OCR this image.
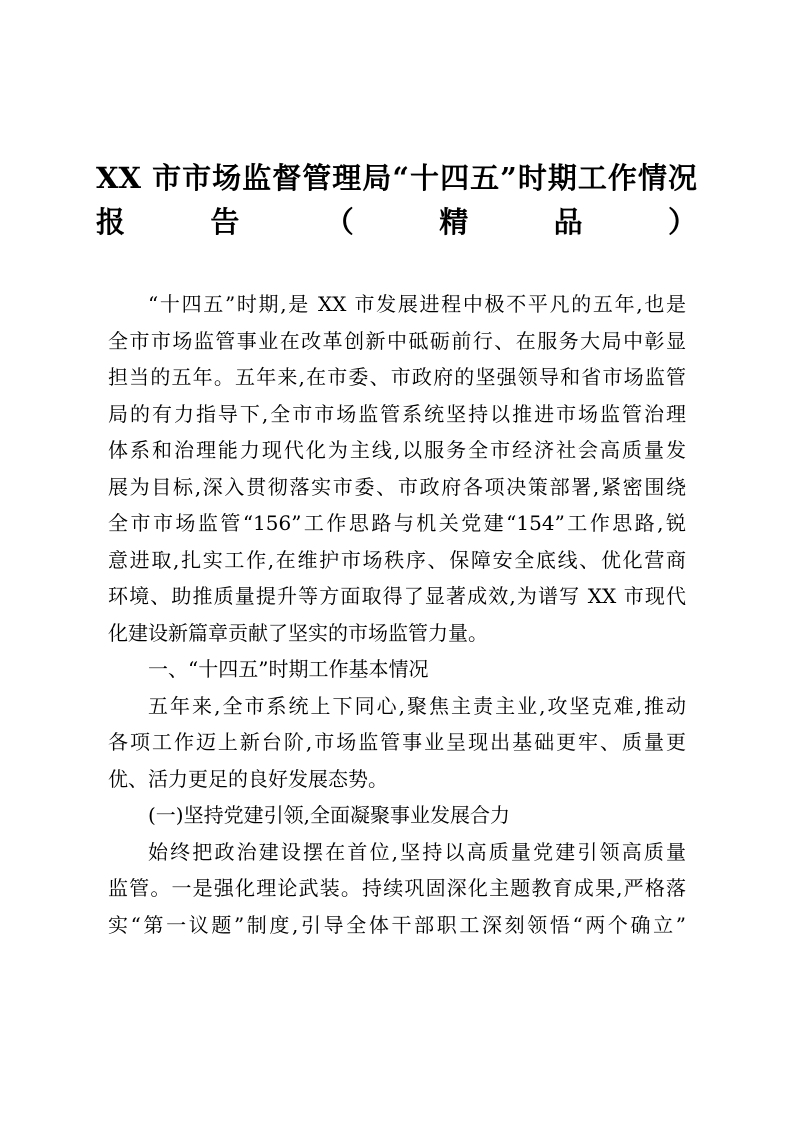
XX 市市场监督管理局“十四五”时期工作情况
报告（精品）

“十四五”时期,是 XX 市发展进程中极不平凡的五年,也是
全市市场监管事业在改革创新中砥砺前行、在服务大局中彰显
担当的五年。五年来,在市委、市政府的坚强领导和省市场监管
局的有力指导下,全市市场监管系统坚持以推进市场监管治理
体系和治理能力现代化为主线,以服务全市经济社会高质量发
展为目标,深入贯彻落实市委、市政府各项决策部署,紧密围绕
全市市场监管“156”工作思路与机关党建“154”工作思路,锐
意进取,扎实工作,在维护市场秩序、保障安全底线、优化营商
环境、助推质量提升等方面取得了显著成效,为谱写 XX 市现代
化建设新篇章贡献了坚实的市场监管力量。

一、“十四五”时期工作基本情况

五年来,全市系统上下同心,聚焦主责主业,攻坚克难,推动
各项工作迈上新台阶,市场监管事业呈现出基础更牢、质量更
优、活力更足的良好发展态势。

(一)坚持党建引领,全面凝聚事业发展合力

始终把政治建设摆在首位,坚持以高质量党建引领高质量
监管。一是强化理论武装。持续巩固深化主题教育成果,严格落
实“第一议题”制度,引导全体干部职工深刻领悟“两个确立”
